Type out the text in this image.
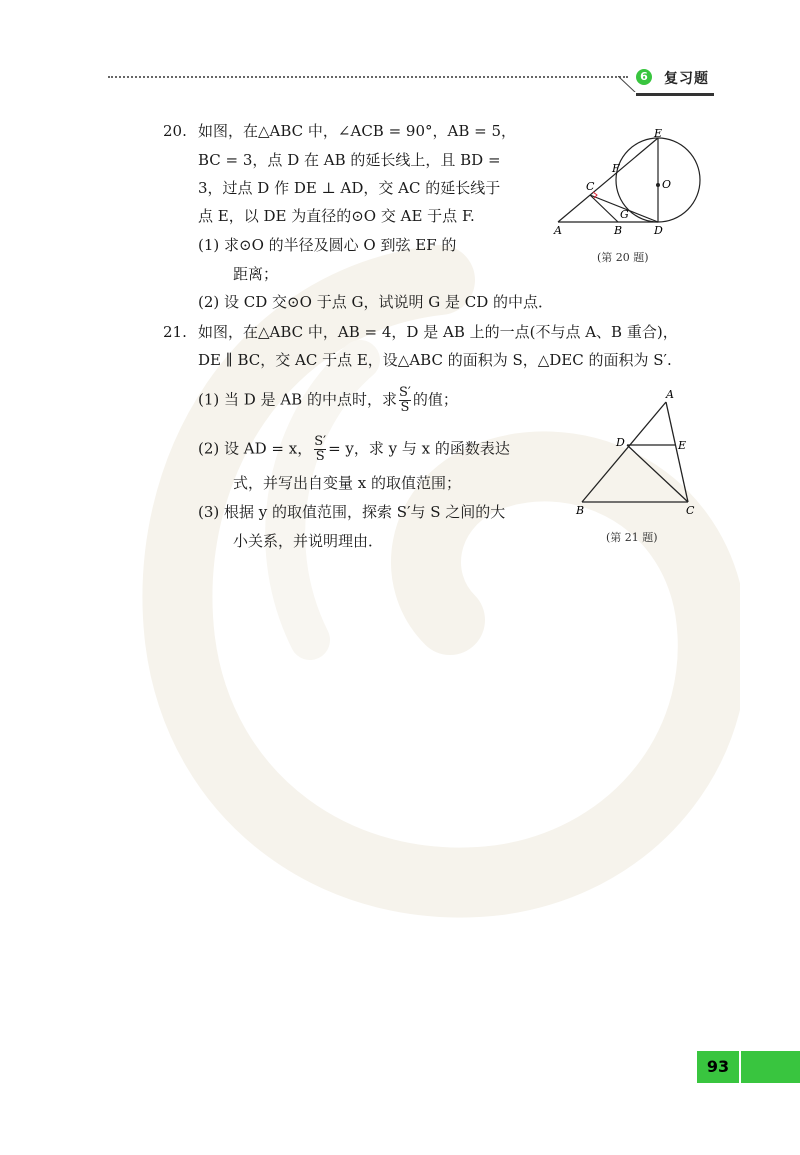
6 复习题
20. 如图，在△ABC 中，∠ACB = 90°，AB = 5，
BC = 3，点 D 在 AB 的延长线上，且 BD =
3，过点 D 作 DE ⊥ AD，交 AC 的延长线于
点 E，以 DE 为直径的⊙O 交 AE 于点 F.
(1) 求⊙O 的半径及圆心 O 到弦 EF 的
距离；
(2) 设 CD 交⊙O 于点 G，试说明 G 是 CD 的中点．
E
F
C	O
G
A	B	D
(第 20 题)
21. 如图，在△ABC 中，AB = 4，D 是 AB 上的一点(不与点 A、B 重合)，
DE ∥ BC，交 AC 于点 E，设△ABC 的面积为 S，△DEC 的面积为 S′.
(1) 当 D 是 AB 的中点时，求 $\frac{S'}{S}$ 的值；
(2) 设 AD = x， $\frac{S'}{S} = y$，求 y 与 x 的函数表达
式，并写出自变量 x 的取值范围；
(3) 根据 y 的取值范围，探索 S′与 S 之间的大
小关系，并说明理由．
A
D	E
B	C
(第 21 题)
93
